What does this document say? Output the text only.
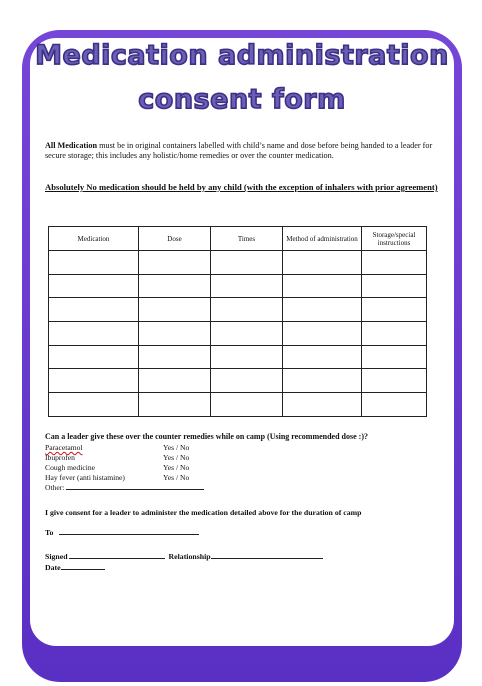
Medication administration
consent form

All Medication must be in original containers labelled with child’s name and dose before being handed to a leader for secure storage; this includes any holistic/home remedies or over the counter medication.

Absolutely No medication should be held by any child (with the exception of inhalers with prior agreement)

Medication	Dose	Times	Method of administration	Storage/special instructions

Can a leader give these over the counter remedies while on camp (Using recommended dose :)?
Paracetamol	Yes / No
Ibuprofen	Yes / No
Cough medicine	Yes / No
Hay fever (anti histamine)	Yes / No
Other:
I give consent for a leader to administer the medication detailed above for the duration of camp
To
Signed	Relationship
Date
